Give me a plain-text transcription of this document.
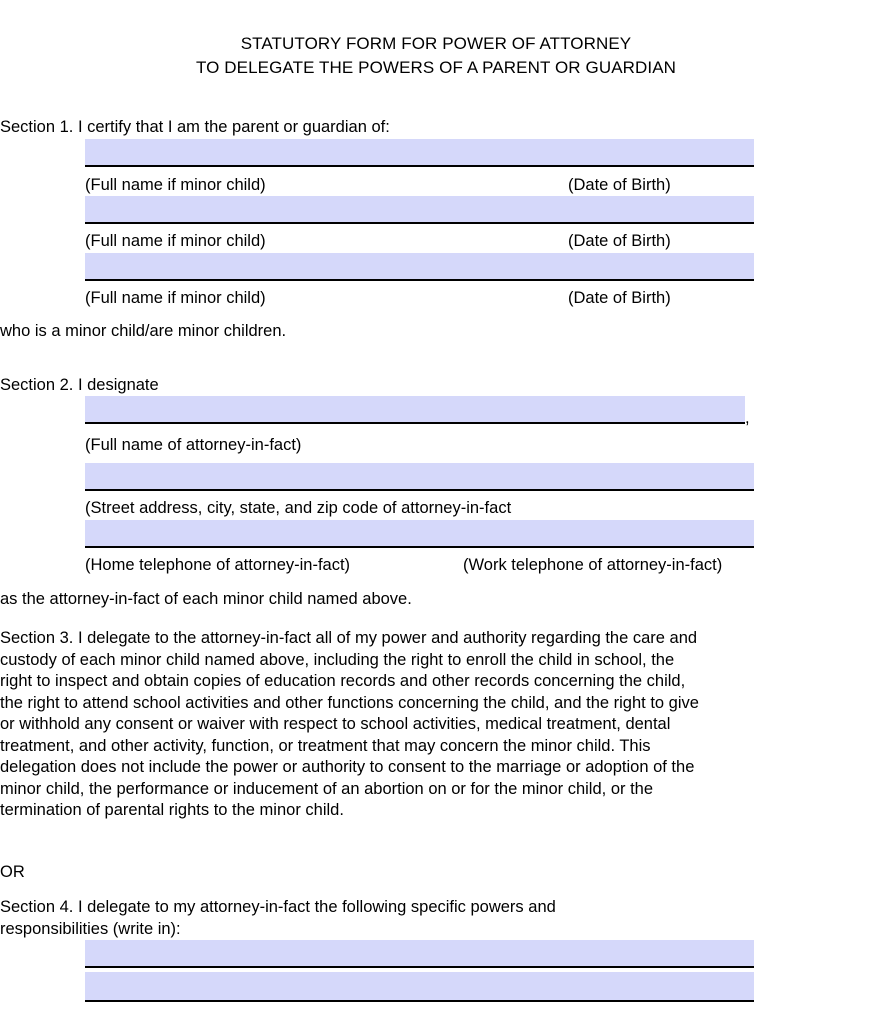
STATUTORY FORM FOR POWER OF ATTORNEY
TO DELEGATE THE POWERS OF A PARENT OR GUARDIAN
Section 1. I certify that I am the parent or guardian of:
(Full name if minor child)	(Date of Birth)
(Full name if minor child)	(Date of Birth)
(Full name if minor child)	(Date of Birth)
who is a minor child/are minor children.
Section 2. I designate
,
(Full name of attorney-in-fact)
(Street address, city, state, and zip code of attorney-in-fact
(Home telephone of attorney-in-fact)	(Work telephone of attorney-in-fact)
as the attorney-in-fact of each minor child named above.
Section 3. I delegate to the attorney-in-fact all of my power and authority regarding the care and custody of each minor child named above, including the right to enroll the child in school, the right to inspect and obtain copies of education records and other records concerning the child, the right to attend school activities and other functions concerning the child, and the right to give or withhold any consent or waiver with respect to school activities, medical treatment, dental treatment, and other activity, function, or treatment that may concern the minor child. This delegation does not include the power or authority to consent to the marriage or adoption of the minor child, the performance or inducement of an abortion on or for the minor child, or the termination of parental rights to the minor child.
OR
Section 4. I delegate to my attorney-in-fact the following specific powers and responsibilities (write in):
